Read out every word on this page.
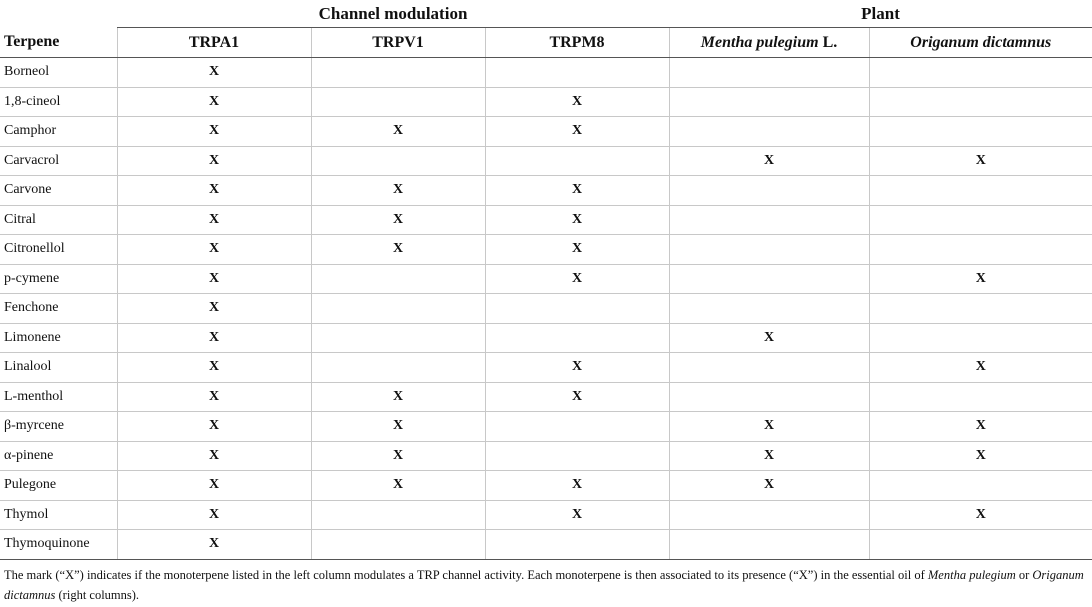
	Channel modulation			Plant	
Terpene	TRPA1	TRPV1	TRPM8	Mentha pulegium L.	Origanum dictamnus
Borneol	X				
1,8-cineol	X		X		
Camphor	X	X	X		
Carvacrol	X			X	X
Carvone	X	X	X		
Citral	X	X	X		
Citronellol	X	X	X		
p-cymene	X		X		X
Fenchone	X				
Limonene	X			X	
Linalool	X		X		X
L-menthol	X	X	X		
β-myrcene	X	X		X	X
α-pinene	X	X		X	X
Pulegone	X	X	X	X	
Thymol	X		X		X
Thymoquinone	X				
The mark (“X”) indicates if the monoterpene listed in the left column modulates a TRP channel activity. Each monoterpene is then associated to its presence (“X”) in the essential oil of Mentha pulegium or Origanum dictamnus (right columns).
